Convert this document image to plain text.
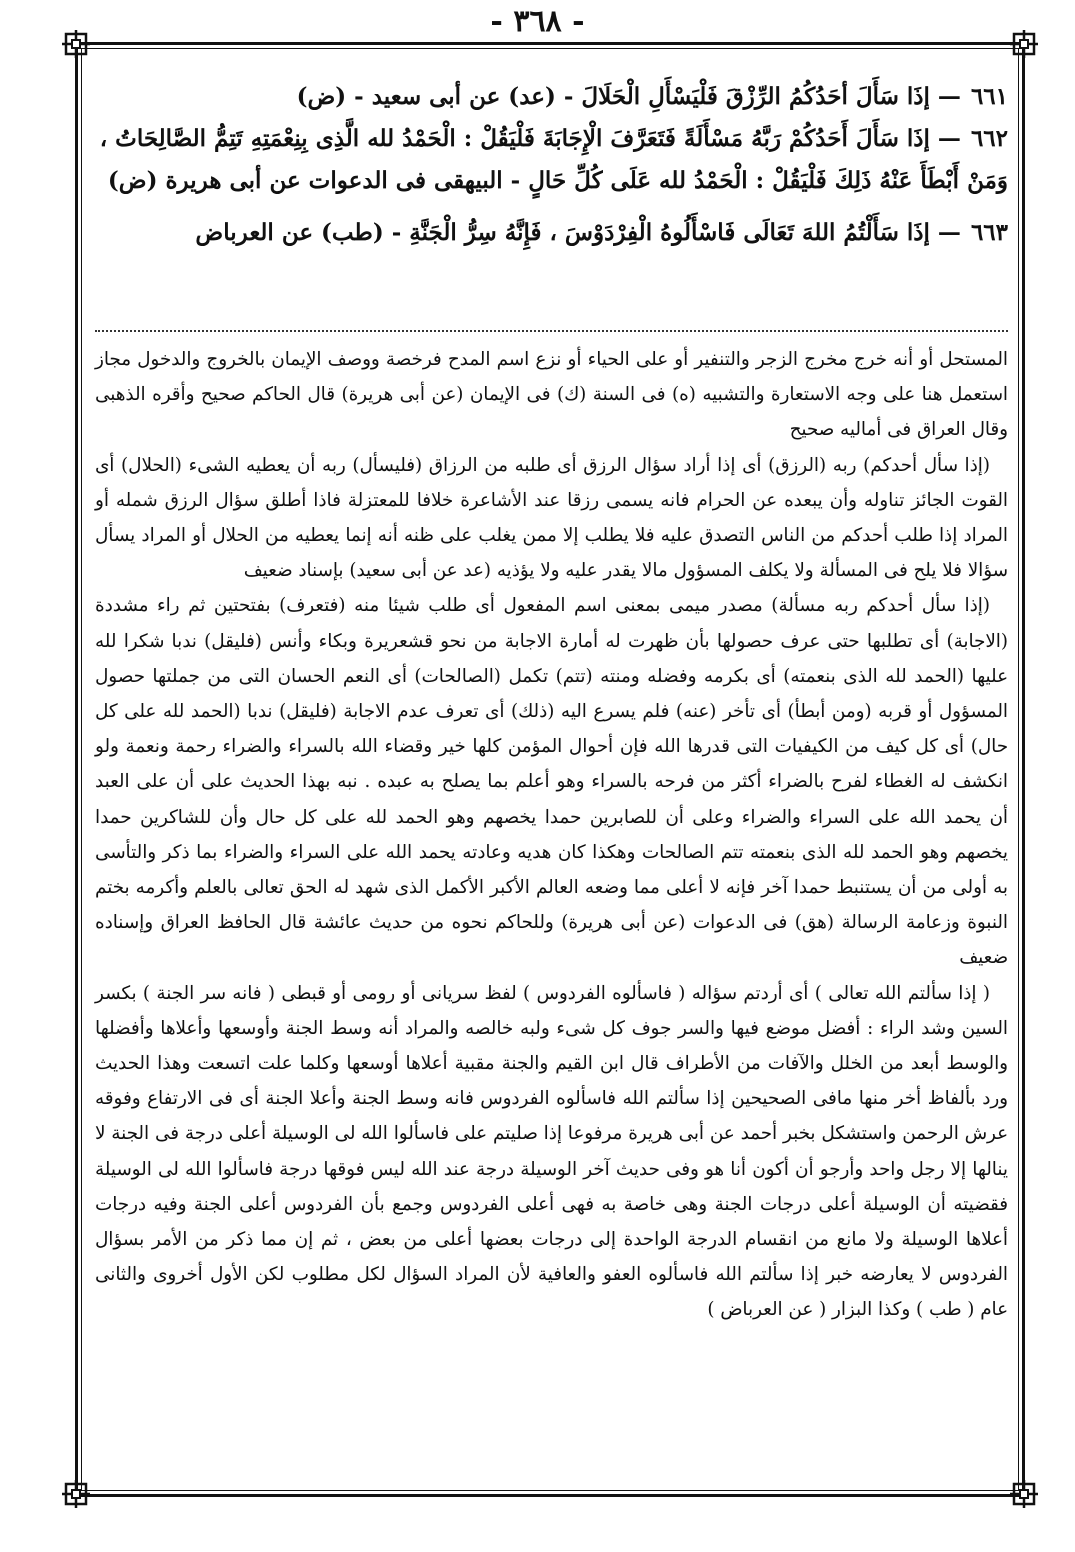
- ٣٦٨ -

٦٦١— إذَا سَأَلَ أحَدُكُمُ الرِّزْقَ فَلْيَسْأَلِ الْحَلَالَ - (عد) عن أبى سعيد - (ض)

٦٦٢— إذَا سَأَلَ أَحَدُكُمْ رَبَّهُ مَسْأَلَةً فَتَعَرَّفَ الْإِجَابَةَ فَلْيَقُلْ : الْحَمْدُ لله الَّذِى بِنِعْمَتِهِ تَتِمُّ الصَّالِحَاتُ ، وَمَنْ أَبْطَأَ عَنْهُ ذَلِكَ فَلْيَقُلْ : الْحَمْدُ لله عَلَى كُلِّ حَالٍ - البيهقى فى الدعوات عن أبى هريرة (ض)

٦٦٣— إذَا سَأَلْتُمُ اللهَ تَعَالَى فَاسْأَلُوهُ الْفِرْدَوْسَ ، فَإِنَّهُ سِرُّ الْجَنَّةِ - (طب) عن العرباض

المستحل أو أنه خرج مخرج الزجر والتنفير أو على الحياء أو نزع اسم المدح فرخصة ووصف الإيمان بالخروج والدخول مجاز استعمل هنا على وجه الاستعارة والتشبيه (ه) فى السنة (ك) فى الإيمان (عن أبى هريرة) قال الحاكم صحيح وأقره الذهبى وقال العراق فى أماليه صحيح

(إذا سأل أحدكم) ربه (الرزق) أى إذا أراد سؤال الرزق أى طلبه من الرزاق (فليسأل) ربه أن يعطيه الشىء (الحلال) أى القوت الجائز تناوله وأن يبعده عن الحرام فانه يسمى رزقا عند الأشاعرة خلافا للمعتزلة فاذا أطلق سؤال الرزق شمله أو المراد إذا طلب أحدكم من الناس التصدق عليه فلا يطلب إلا ممن يغلب على ظنه أنه إنما يعطيه من الحلال أو المراد يسأل سؤالا فلا يلح فى المسألة ولا يكلف المسؤول مالا يقدر عليه ولا يؤذيه (عد عن أبى سعيد) بإسناد ضعيف

(إذا سأل أحدكم ربه مسألة) مصدر ميمى بمعنى اسم المفعول أى طلب شيئا منه (فتعرف) بفتحتين ثم راء مشددة (الاجابة) أى تطلبها حتى عرف حصولها بأن ظهرت له أمارة الاجابة من نحو قشعريرة وبكاء وأنس (فليقل) ندبا شكرا لله عليها (الحمد لله الذى بنعمته) أى بكرمه وفضله ومنته (تتم) تكمل (الصالحات) أى النعم الحسان التى من جملتها حصول المسؤول أو قربه (ومن أبطأ) أى تأخر (عنه) فلم يسرع اليه (ذلك) أى تعرف عدم الاجابة (فليقل) ندبا (الحمد لله على كل حال) أى كل كيف من الكيفيات التى قدرها الله فإن أحوال المؤمن كلها خير وقضاء الله بالسراء والضراء رحمة ونعمة ولو انكشف له الغطاء لفرح بالضراء أكثر من فرحه بالسراء وهو أعلم بما يصلح به عبده . نبه بهذا الحديث على أن على العبد أن يحمد الله على السراء والضراء وعلى أن للصابرين حمدا يخصهم وهو الحمد لله على كل حال وأن للشاكرين حمدا يخصهم وهو الحمد لله الذى بنعمته تتم الصالحات وهكذا كان هديه وعادته يحمد الله على السراء والضراء بما ذكر والتأسى به أولى من أن يستنبط حمدا آخر فإنه لا أعلى مما وضعه العالم الأكبر الأكمل الذى شهد له الحق تعالى بالعلم وأكرمه بختم النبوة وزعامة الرسالة (هق) فى الدعوات (عن أبى هريرة) وللحاكم نحوه من حديث عائشة قال الحافظ العراق وإسناده ضعيف

( إذا سألتم الله تعالى ) أى أردتم سؤاله ( فاسألوه الفردوس ) لفظ سريانى أو رومى أو قبطى ( فانه سر الجنة ) بكسر السين وشد الراء : أفضل موضع فيها والسر جوف كل شىء ولبه خالصه والمراد أنه وسط الجنة وأوسعها وأعلاها وأفضلها والوسط أبعد من الخلل والآفات من الأطراف قال ابن القيم والجنة مقبية أعلاها أوسعها وكلما علت اتسعت وهذا الحديث ورد بألفاظ أخر منها مافى الصحيحين إذا سألتم الله فاسألوه الفردوس فانه وسط الجنة وأعلا الجنة أى فى الارتفاع وفوقه عرش الرحمن واستشكل بخبر أحمد عن أبى هريرة مرفوعا إذا صليتم على فاسألوا الله لى الوسيلة أعلى درجة فى الجنة لا ينالها إلا رجل واحد وأرجو أن أكون أنا هو وفى حديث آخر الوسيلة درجة عند الله ليس فوقها درجة فاسألوا الله لى الوسيلة فقضيته أن الوسيلة أعلى درجات الجنة وهى خاصة به فهى أعلى الفردوس وجمع بأن الفردوس أعلى الجنة وفيه درجات أعلاها الوسيلة ولا مانع من انقسام الدرجة الواحدة إلى درجات بعضها أعلى من بعض ، ثم إن مما ذكر من الأمر بسؤال الفردوس لا يعارضه خبر إذا سألتم الله فاسألوه العفو والعافية لأن المراد السؤال لكل مطلوب لكن الأول أخروى والثانى عام ( طب ) وكذا البزار ( عن العرباض )
